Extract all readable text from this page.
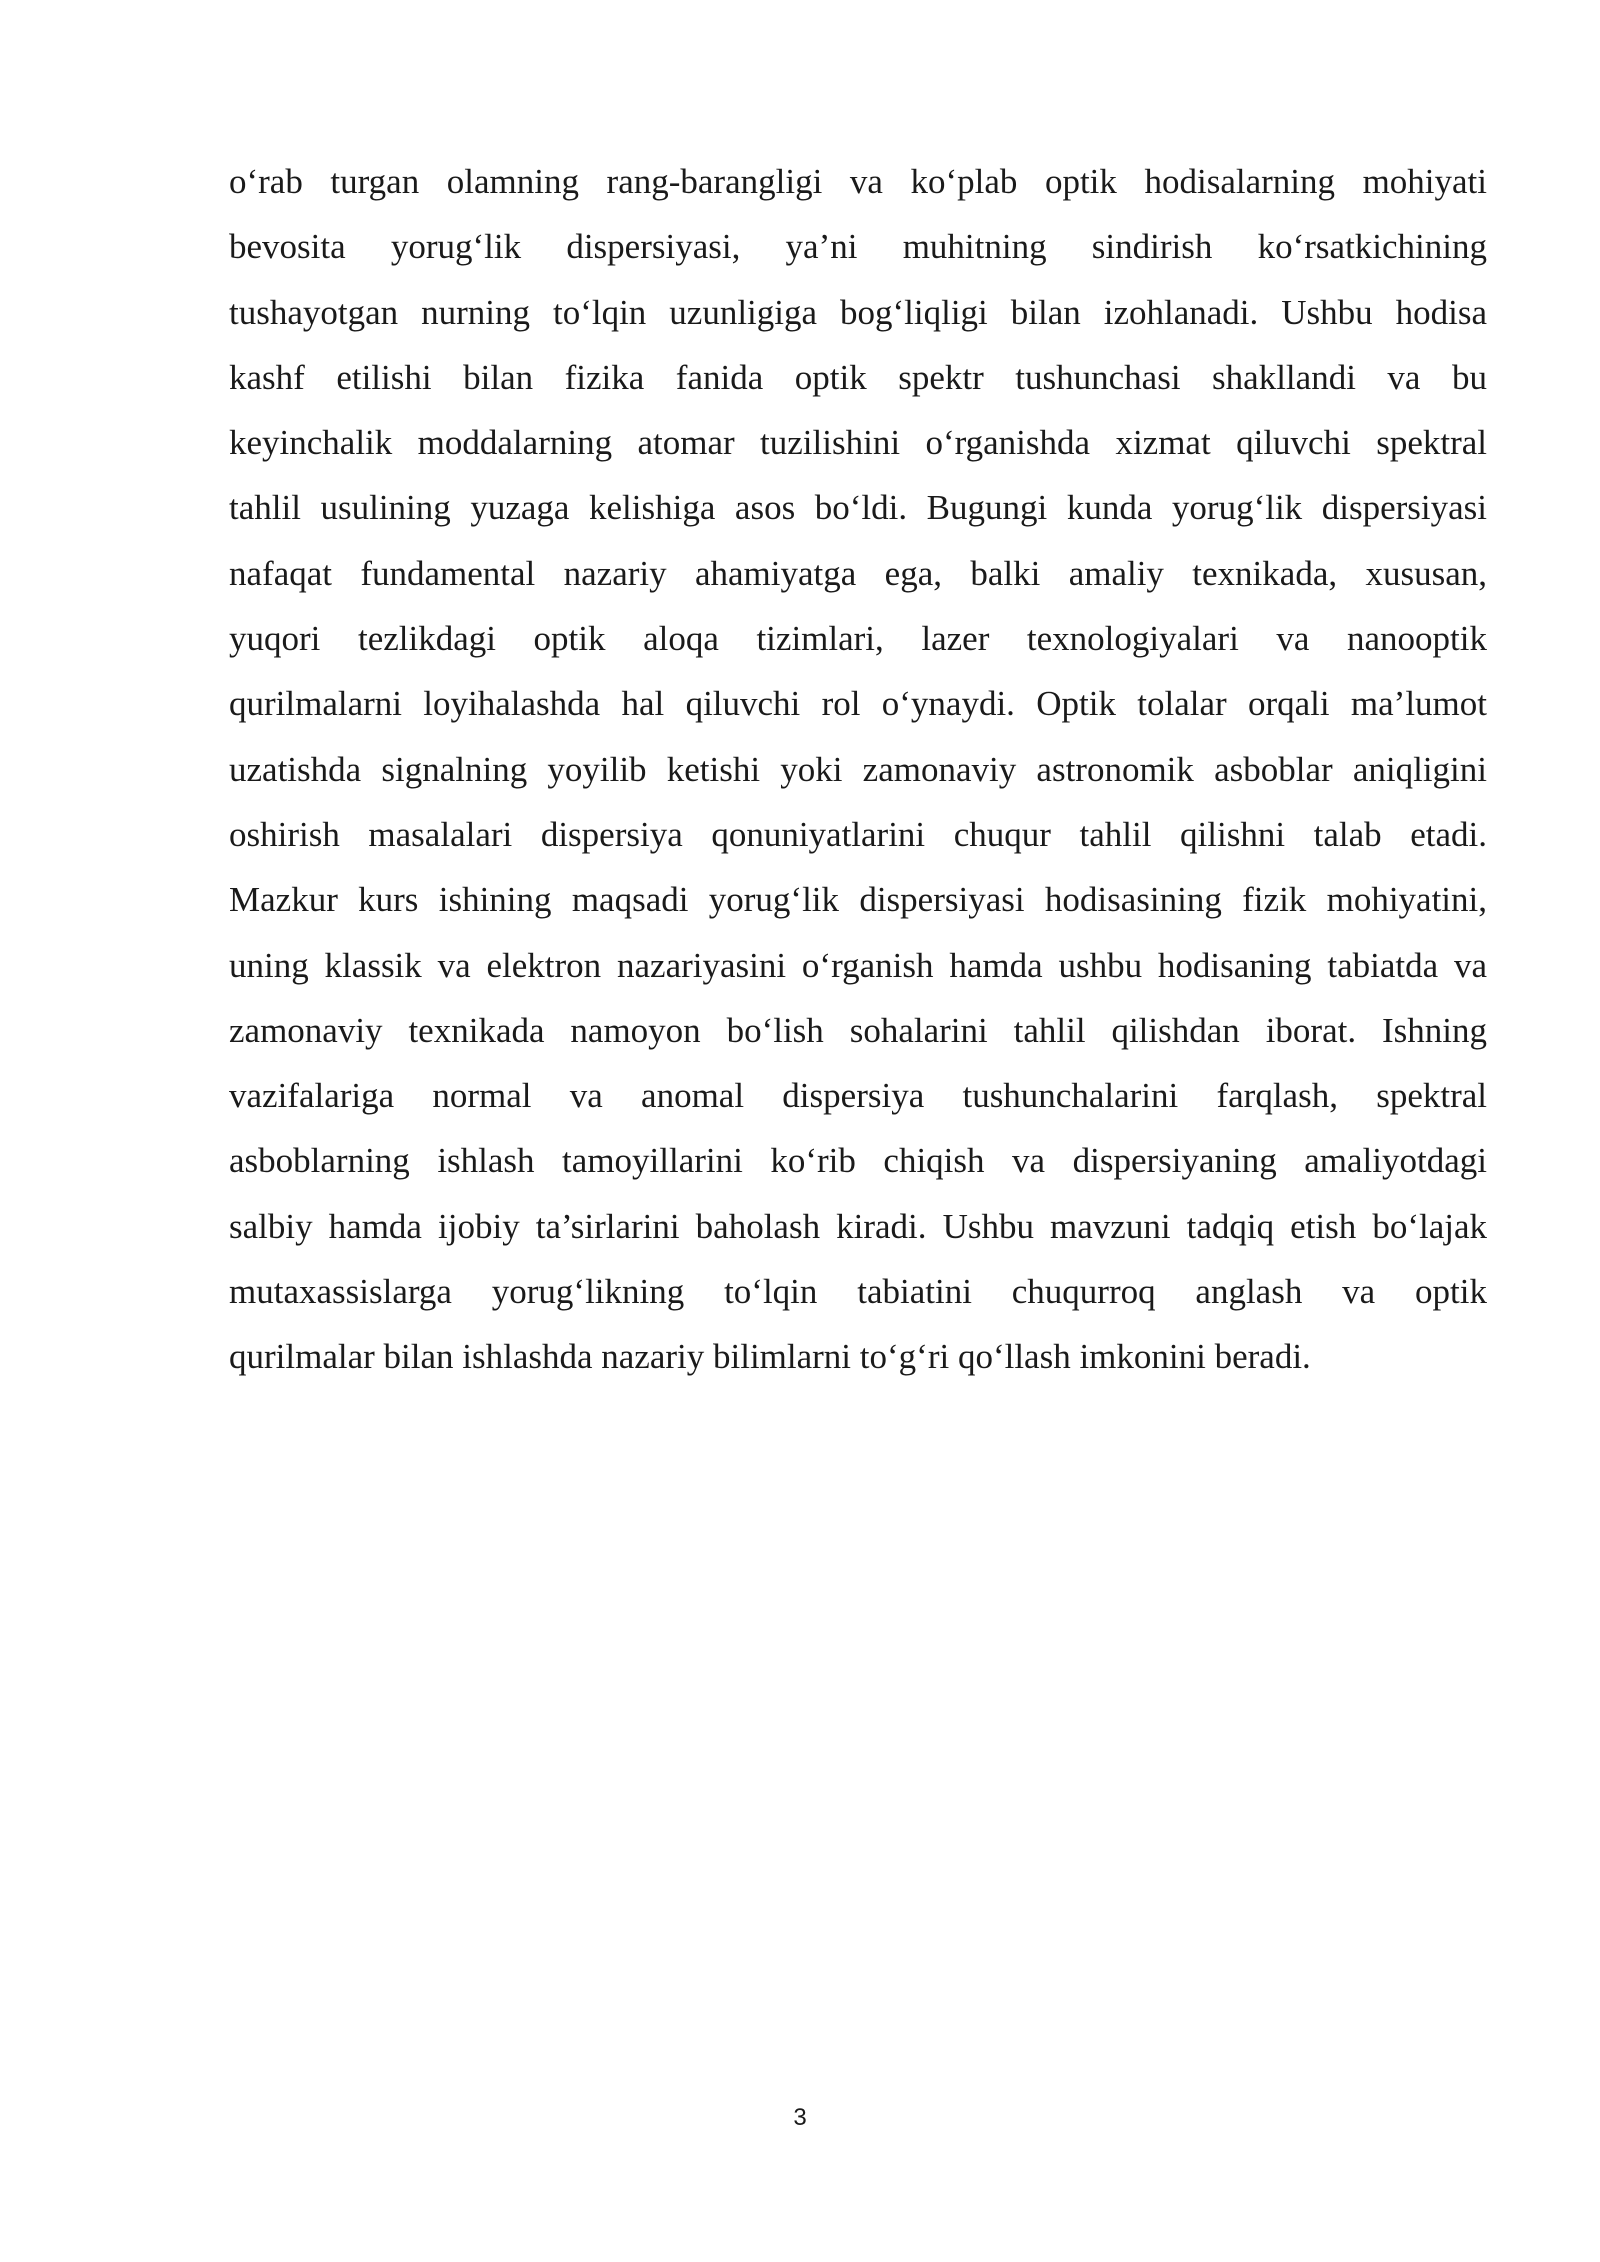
o‘rab turgan olamning rang-barangligi va ko‘plab optik hodisalarning mohiyati
bevosita yorug‘lik dispersiyasi, ya’ni muhitning sindirish ko‘rsatkichining
tushayotgan nurning to‘lqin uzunligiga bog‘liqligi bilan izohlanadi. Ushbu hodisa
kashf etilishi bilan fizika fanida optik spektr tushunchasi shakllandi va bu
keyinchalik moddalarning atomar tuzilishini o‘rganishda xizmat qiluvchi spektral
tahlil usulining yuzaga kelishiga asos bo‘ldi. Bugungi kunda yorug‘lik dispersiyasi
nafaqat fundamental nazariy ahamiyatga ega, balki amaliy texnikada, xususan,
yuqori tezlikdagi optik aloqa tizimlari, lazer texnologiyalari va nanooptik
qurilmalarni loyihalashda hal qiluvchi rol o‘ynaydi. Optik tolalar orqali ma’lumot
uzatishda signalning yoyilib ketishi yoki zamonaviy astronomik asboblar aniqligini
oshirish masalalari dispersiya qonuniyatlarini chuqur tahlil qilishni talab etadi.
Mazkur kurs ishining maqsadi yorug‘lik dispersiyasi hodisasining fizik mohiyatini,
uning klassik va elektron nazariyasini o‘rganish hamda ushbu hodisaning tabiatda va
zamonaviy texnikada namoyon bo‘lish sohalarini tahlil qilishdan iborat. Ishning
vazifalariga normal va anomal dispersiya tushunchalarini farqlash, spektral
asboblarning ishlash tamoyillarini ko‘rib chiqish va dispersiyaning amaliyotdagi
salbiy hamda ijobiy ta’sirlarini baholash kiradi. Ushbu mavzuni tadqiq etish bo‘lajak
mutaxassislarga yorug‘likning to‘lqin tabiatini chuqurroq anglash va optik
qurilmalar bilan ishlashda nazariy bilimlarni to‘g‘ri qo‘llash imkonini beradi.
3
